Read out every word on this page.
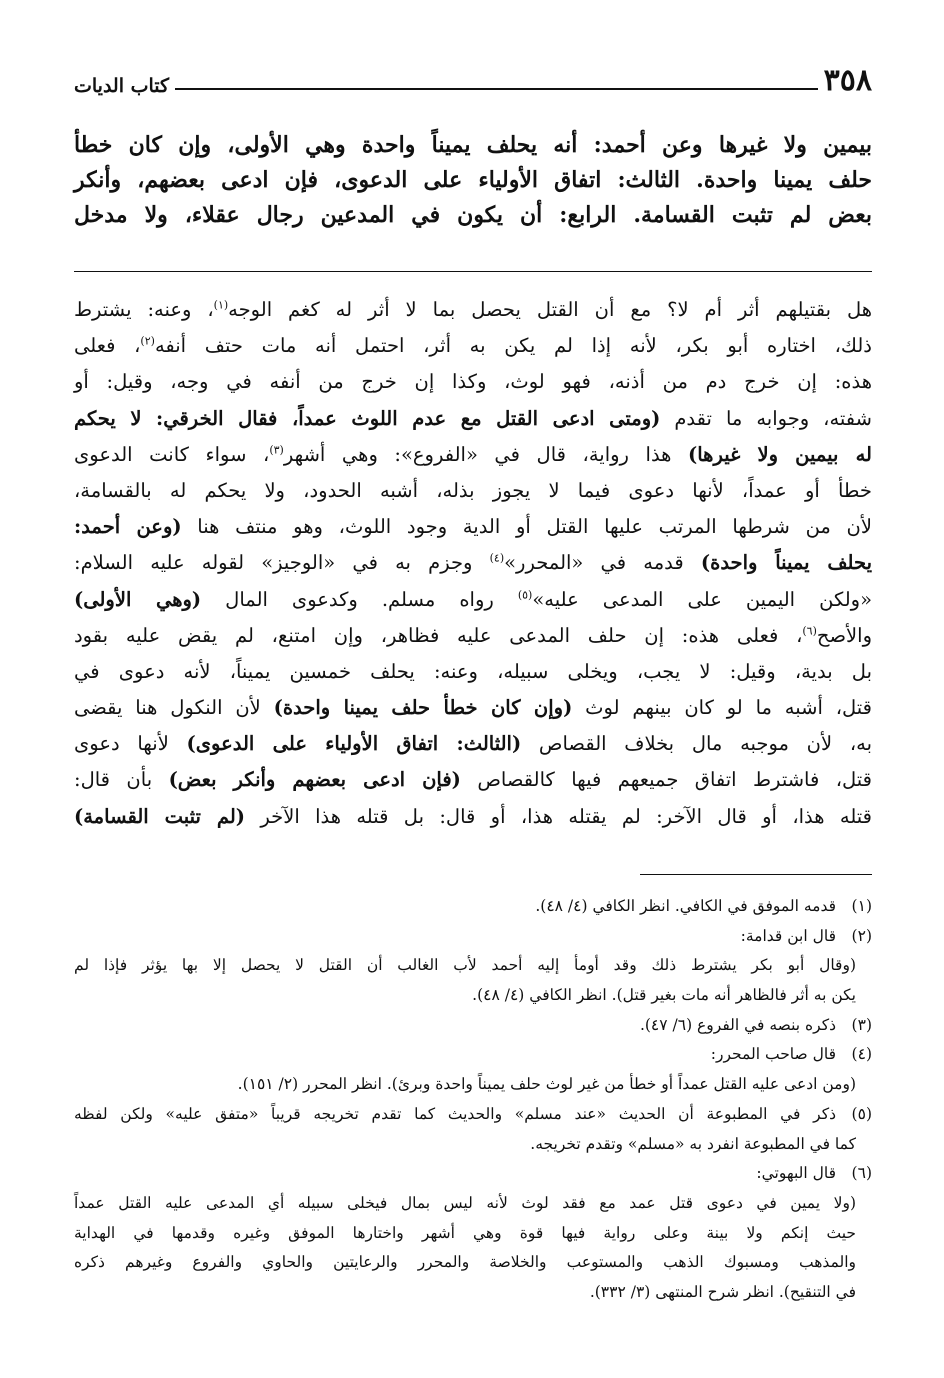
٣٥٨
كتاب الديات
بيمين ولا غيرها وعن أحمد: أنه يحلف يميناً واحدة وهي الأولى، وإن كان خطأ
حلف يمينا واحدة. الثالث: اتفاق الأولياء على الدعوى، فإن ادعى بعضهم، وأنكر
بعض لم تثبت القسامة. الرابع: أن يكون في المدعين رجال عقلاء، ولا مدخل
هل بقتيلهم أثر أم لا؟ مع أن القتل يحصل بما لا أثر له كغم الوجه$^{(١)}$، وعنه: يشترط
ذلك، اختاره أبو بكر، لأنه إذا لم يكن به أثر، احتمل أنه مات حتف أنفه$^{(٢)}$، فعلى
هذه: إن خرج دم من أذنه، فهو لوث، وكذا إن خرج من أنفه في وجه، وقيل: أو
شفته، وجوابه ما تقدم (ومتى ادعى القتل مع عدم اللوث عمداً، فقال الخرقي: لا يحكم
له بيمين ولا غيرها) هذا رواية، قال في «الفروع»: وهي أشهر$^{(٣)}$، سواء كانت الدعوى
خطأ أو عمداً، لأنها دعوى فيما لا يجوز بذله، أشبه الحدود، ولا يحكم له بالقسامة،
لأن من شرطها المرتب عليها القتل أو الدية وجود اللوث، وهو منتف هنا (وعن أحمد:
يحلف يميناً واحدة) قدمه في «المحرر»$^{(٤)}$ وجزم به في «الوجيز» لقوله عليه السلام:
«ولكن اليمين على المدعى عليه»$^{(٥)}$ رواه مسلم. وكدعوى المال (وهي الأولى)
والأصح$^{(٦)}$، فعلى هذه: إن حلف المدعى عليه فظاهر، وإن امتنع، لم يقض عليه بقود
بل بدية، وقيل: لا يجب، ويخلى سبيله، وعنه: يحلف خمسين يميناً، لأنه دعوى في
قتل، أشبه ما لو كان بينهم لوث (وإن كان خطأ حلف يمينا واحدة) لأن النكول هنا يقضى
به، لأن موجبه مال بخلاف القصاص (الثالث: اتفاق الأولياء على الدعوى) لأنها دعوى
قتل، فاشترط اتفاق جميعهم فيها كالقصاص (فإن ادعى بعضهم وأنكر بعض) بأن قال:
قتله هذا، أو قال الآخر: لم يقتله هذا، أو قال: بل قتله هذا الآخر (لم تثبت القسامة)
(١)قدمه الموفق في الكافي. انظر الكافي (٤/ ٤٨).
(٢)قال ابن قدامة:
(وقال أبو بكر يشترط ذلك وقد أومأ إليه أحمد لأب الغالب أن القتل لا يحصل إلا بها يؤثر فإذا لم
يكن به أثر فالظاهر أنه مات بغير قتل). انظر الكافي (٤/ ٤٨).
(٣)ذكره بنصه في الفروع (٦/ ٤٧).
(٤)قال صاحب المحرر:
(ومن ادعى عليه القتل عمداً أو خطأ من غير لوث حلف يميناً واحدة وبرئ). انظر المحرر (٢/ ١٥١).
(٥)ذكر في المطبوعة أن الحديث «عند مسلم» والحديث كما تقدم تخريجه قريباً «متفق عليه» ولكن لفظه
كما في المطبوعة انفرد به «مسلم» وتقدم تخريجه.
(٦)قال البهوتي:
(ولا يمين في دعوى قتل عمد مع فقد لوث لأنه ليس بمال فيخلى سبيله أي المدعى عليه القتل عمداً
حيث إنكم ولا بينة وعلى رواية فيها قوة وهي أشهر واختارها الموفق وغيره وقدمها في الهداية
والمذهب ومسبوك الذهب والمستوعب والخلاصة والمحرر والرعايتين والحاوي والفروع وغيرهم ذكره
في التنقيح). انظر شرح المنتهى (٣/ ٣٣٢).
